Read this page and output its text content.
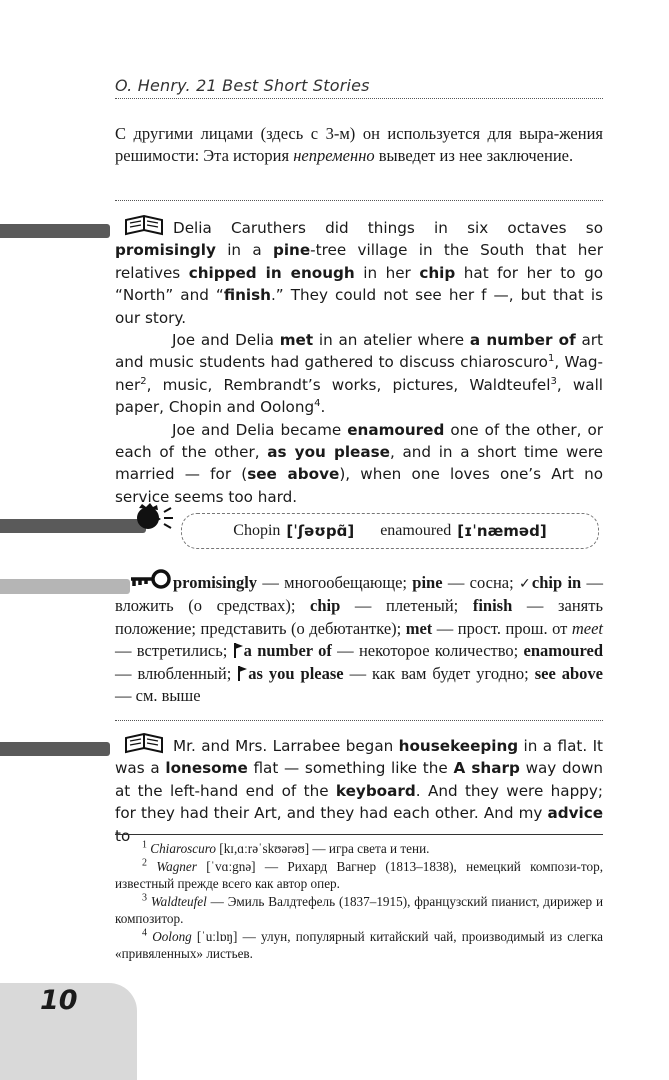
O. Henry. 21 Best Short Stories
С другими лицами (здесь с 3-м) он используется для выра-жения решимости: Эта история непременно выведет из нее заключение.
Delia Caruthers did things in six octaves so promisingly in a pine-tree village in the South that her relatives chipped in enough in her chip hat for her to go “North” and “finish.” They could not see her f —, but that is our story.
Joe and Delia met in an atelier where a number of art and music students had gathered to discuss chiaroscuro$^1$, Wag-ner$^2$, music, Rembrandt’s works, pictures, Waldteufel$^3$, wall paper, Chopin and Oolong$^4$.
Joe and Delia became enamoured one of the other, or each of the other, as you please, and in a short time were married — for (see above), when one loves one’s Art no service seems too hard.
Chopin [ˈʃəʊpɑ̃] enamoured [ɪˈnæməd]
promisingly — многообещающе; pine — сосна; ✓chip in — вложить (о средствах); chip — плетеный; finish — занять положение; представить (о дебютантке); met — прост. прош. от meet — встретились; a number of — некоторое количество; enamoured — влюбленный; as you please — как вам будет угодно; see above — см. выше
Mr. and Mrs. Larrabee began housekeeping in a flat. It was a lonesome flat — something like the A sharp way down at the left-hand end of the keyboard. And they were happy; for they had their Art, and they had each other. And my advice to

$^1$ Chiaroscuro [kɪ,ɑːrəˈskʊərəʊ] — игра света и тени.

$^2$ Wagner [ˈvɑːgnə] — Рихард Вагнер (1813–1838), немецкий компози-тор, известный прежде всего как автор опер.

$^3$ Waldteufel — Эмиль Валдтефель (1837–1915), французский пианист, дирижер и композитор.

$^4$ Oolong [ˈuːlɒŋ] — улун, популярный китайский чай, производимый из слегка «привяленных» листьев.

10
